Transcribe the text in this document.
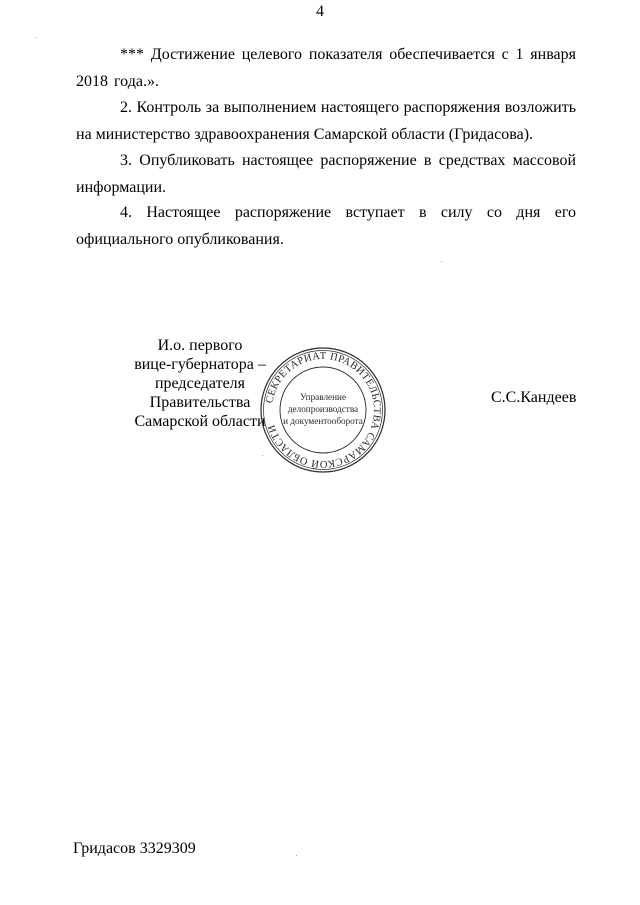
4

*** Достижение целевого показателя обеспечивается с 1 января 2018 года.».

2. Контроль за выполнением настоящего распоряжения возложить на министерство здравоохранения Самарской области (Гридасова).

3. Опубликовать настоящее распоряжение в средствах массовой информации.

4. Настоящее распоряжение вступает в силу со дня его официального опубликования.

И.о. первого
вице-губернатора –
председателя Правительства
Самарской области
СЕКРЕТАРИАТ ПРАВИТЕЛЬСТВА САМАРСКОЙ ОБЛАСТИ
Управление
делопроизводства
и документооборота
С.С.Кандеев
Гридасов 3329309
